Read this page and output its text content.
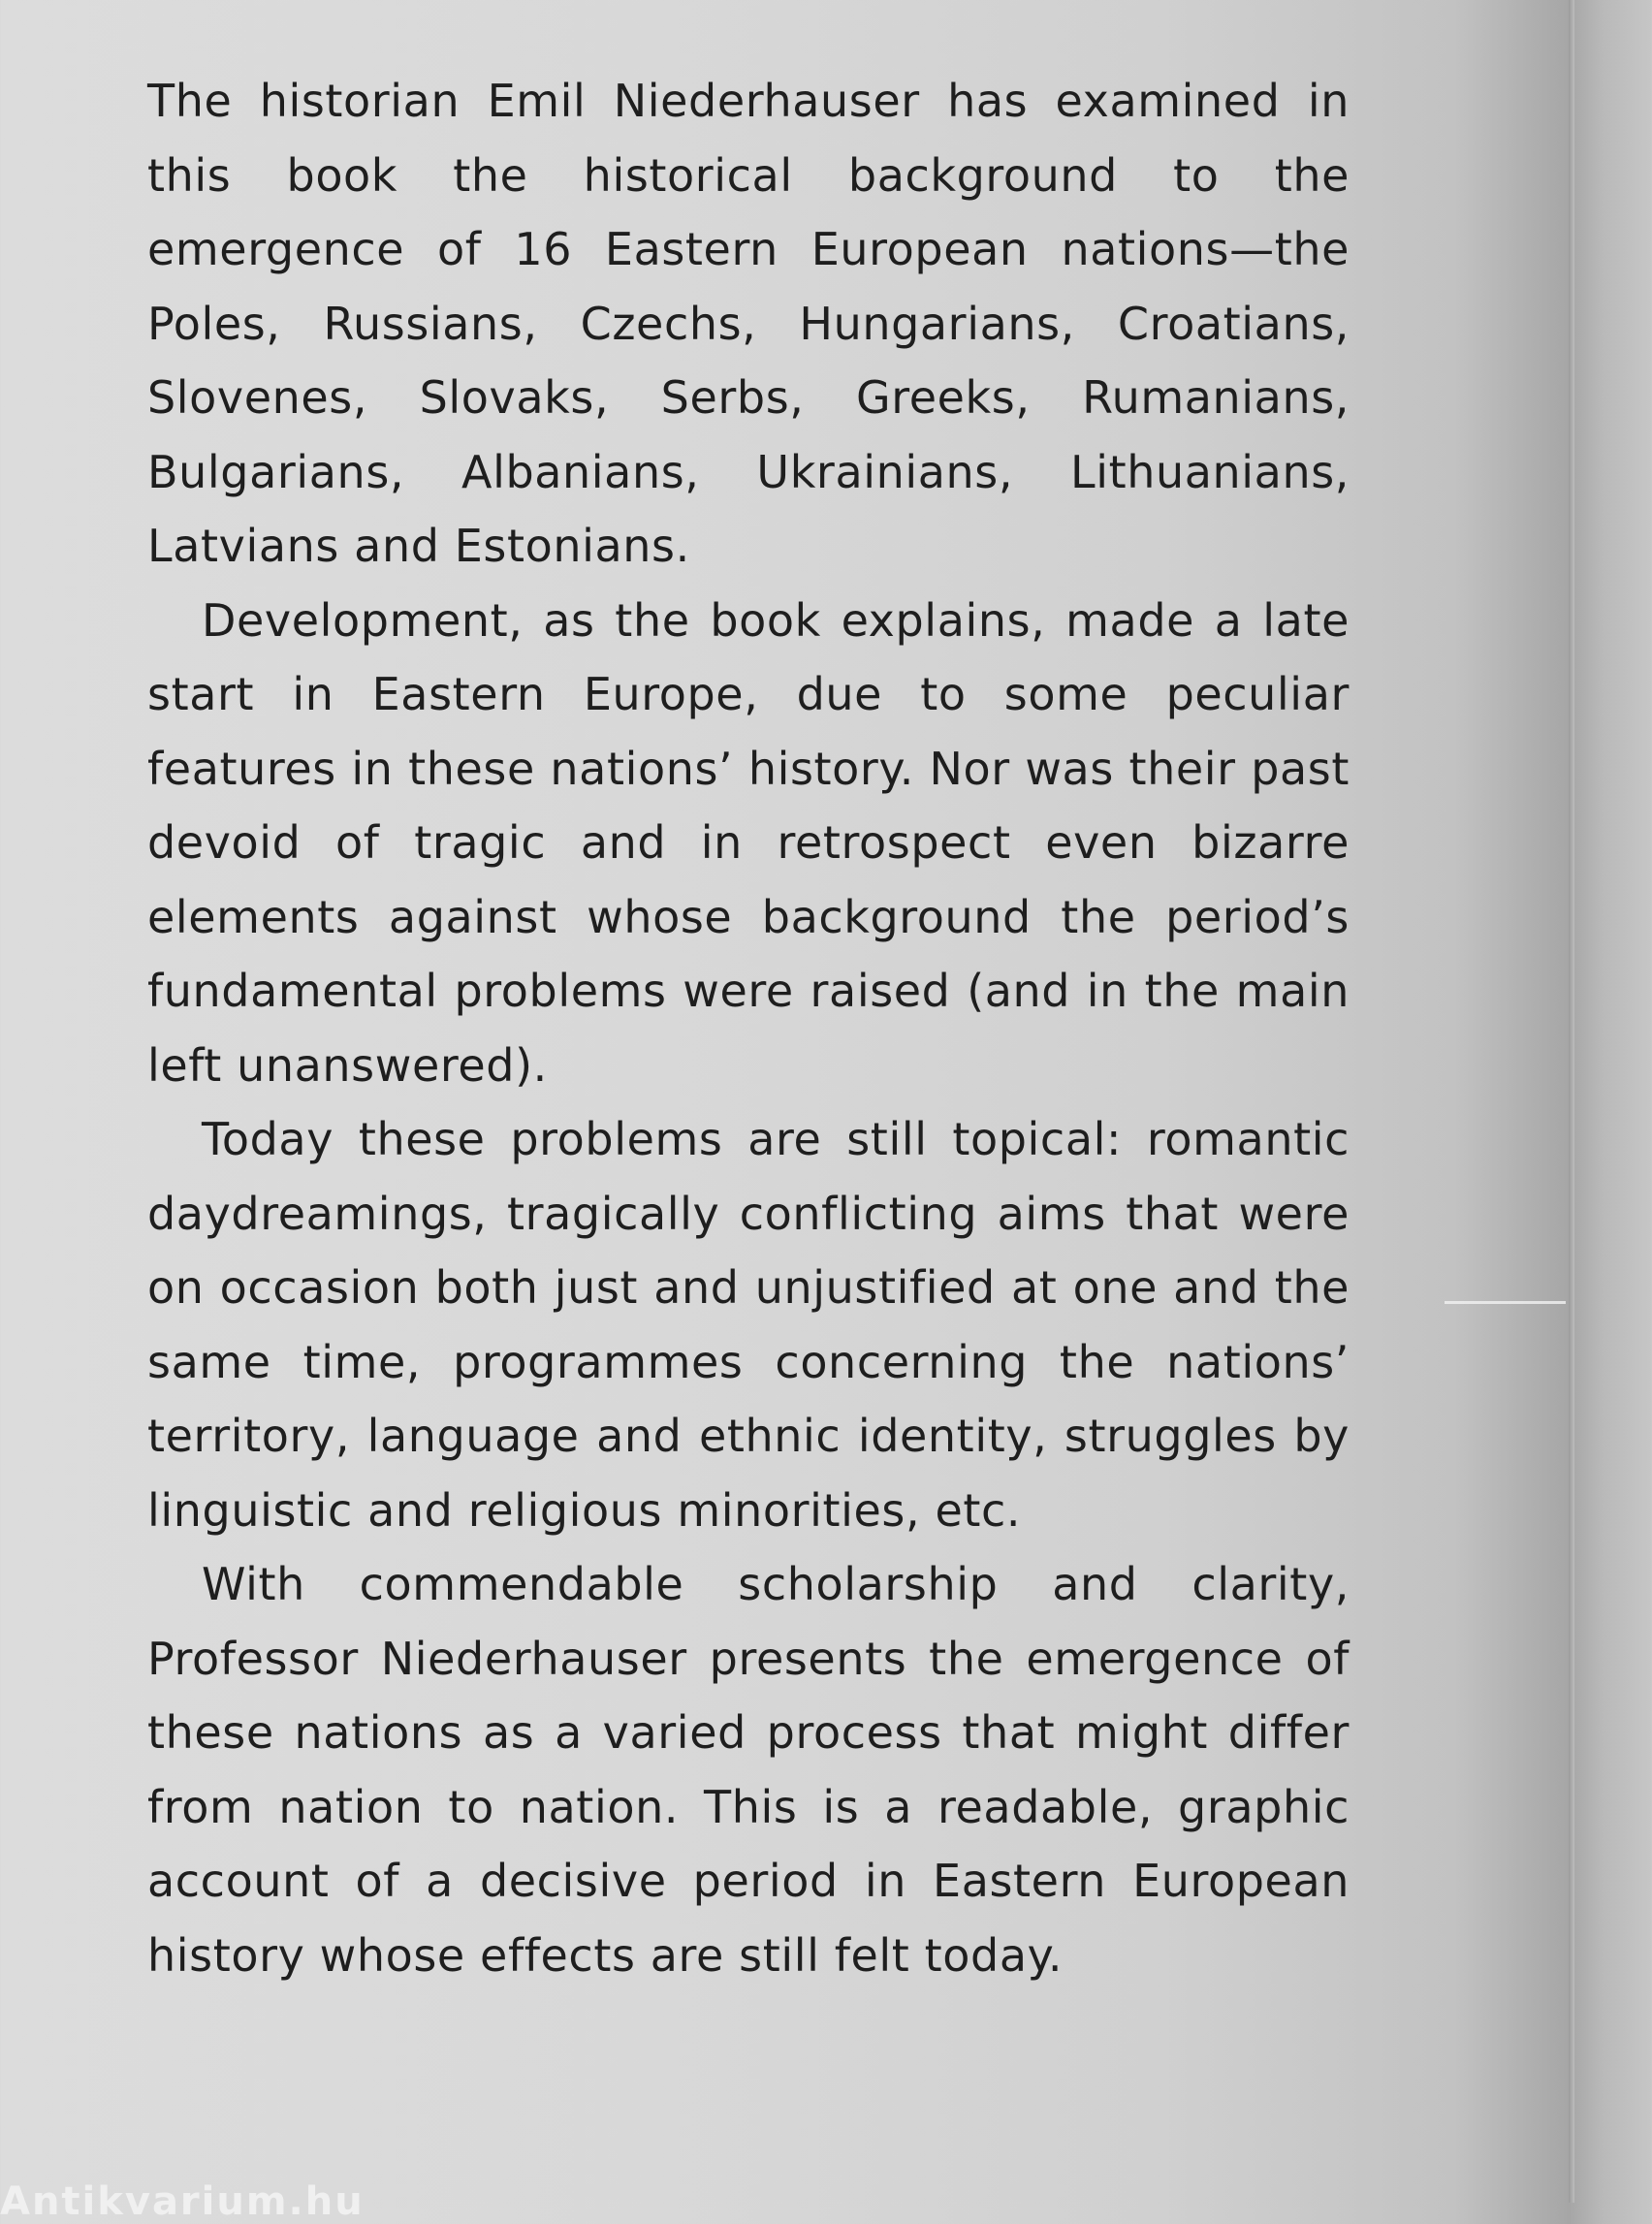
The historian Emil Niederhauser has examined in this book the historical background to the emergence of 16 Eastern European nations—the Poles, Russians, Czechs, Hungarians, Croatians, Slovenes, Slovaks, Serbs, Greeks, Rumanians, Bulgarians, Albanians, Ukrainians, Lithuanians, Latvians and Estonians.

Development, as the book explains, made a late start in Eastern Europe, due to some peculiar features in these nations’ history. Nor was their past devoid of tragic and in retrospect even bizarre elements against whose background the period’s fundamental problems were raised (and in the main left unanswered).

Today these problems are still topical: romantic daydreamings, tragically conflicting aims that were on occasion both just and unjustified at one and the same time, programmes concerning the nations’ territory, language and ethnic identity, struggles by linguistic and religious minorities, etc.

With commendable scholarship and clarity, Professor Niederhauser presents the emergence of these nations as a varied process that might differ from nation to nation. This is a readable, graphic account of a decisive period in Eastern European history whose effects are still felt today.

Antikvarium.hu
